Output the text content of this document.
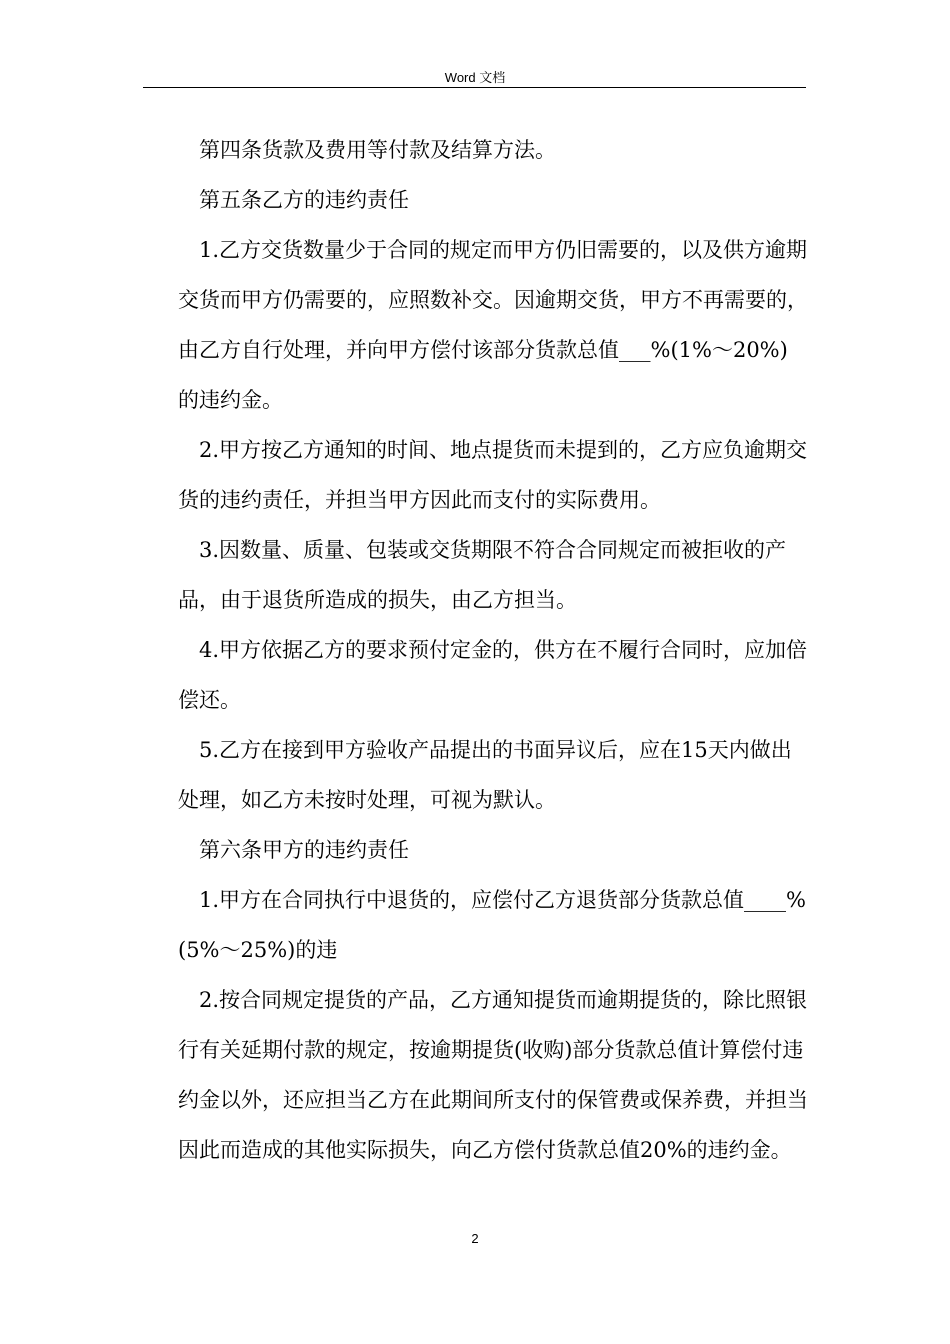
Word 文档

第四条货款及费用等付款及结算方法。

第五条乙方的违约责任

1.乙方交货数量少于合同的规定而甲方仍旧需要的，以及供方逾期交货而甲方仍需要的，应照数补交。因逾期交货，甲方不再需要的，由乙方自行处理，并向甲方偿付该部分货款总值___%(1%～20%)的违约金。

2.甲方按乙方通知的时间、地点提货而未提到的，乙方应负逾期交货的违约责任，并担当甲方因此而支付的实际费用。

3.因数量、质量、包装或交货期限不符合合同规定而被拒收的产品，由于退货所造成的损失，由乙方担当。

4.甲方依据乙方的要求预付定金的，供方在不履行合同时，应加倍偿还。

5.乙方在接到甲方验收产品提出的书面异议后，应在15天内做出处理，如乙方未按时处理，可视为默认。

第六条甲方的违约责任

1.甲方在合同执行中退货的，应偿付乙方退货部分货款总值____%(5%～25%)的违

2.按合同规定提货的产品，乙方通知提货而逾期提货的，除比照银行有关延期付款的规定，按逾期提货(收购)部分货款总值计算偿付违约金以外，还应担当乙方在此期间所支付的保管费或保养费，并担当因此而造成的其他实际损失，向乙方偿付货款总值20%的违约金。

2
